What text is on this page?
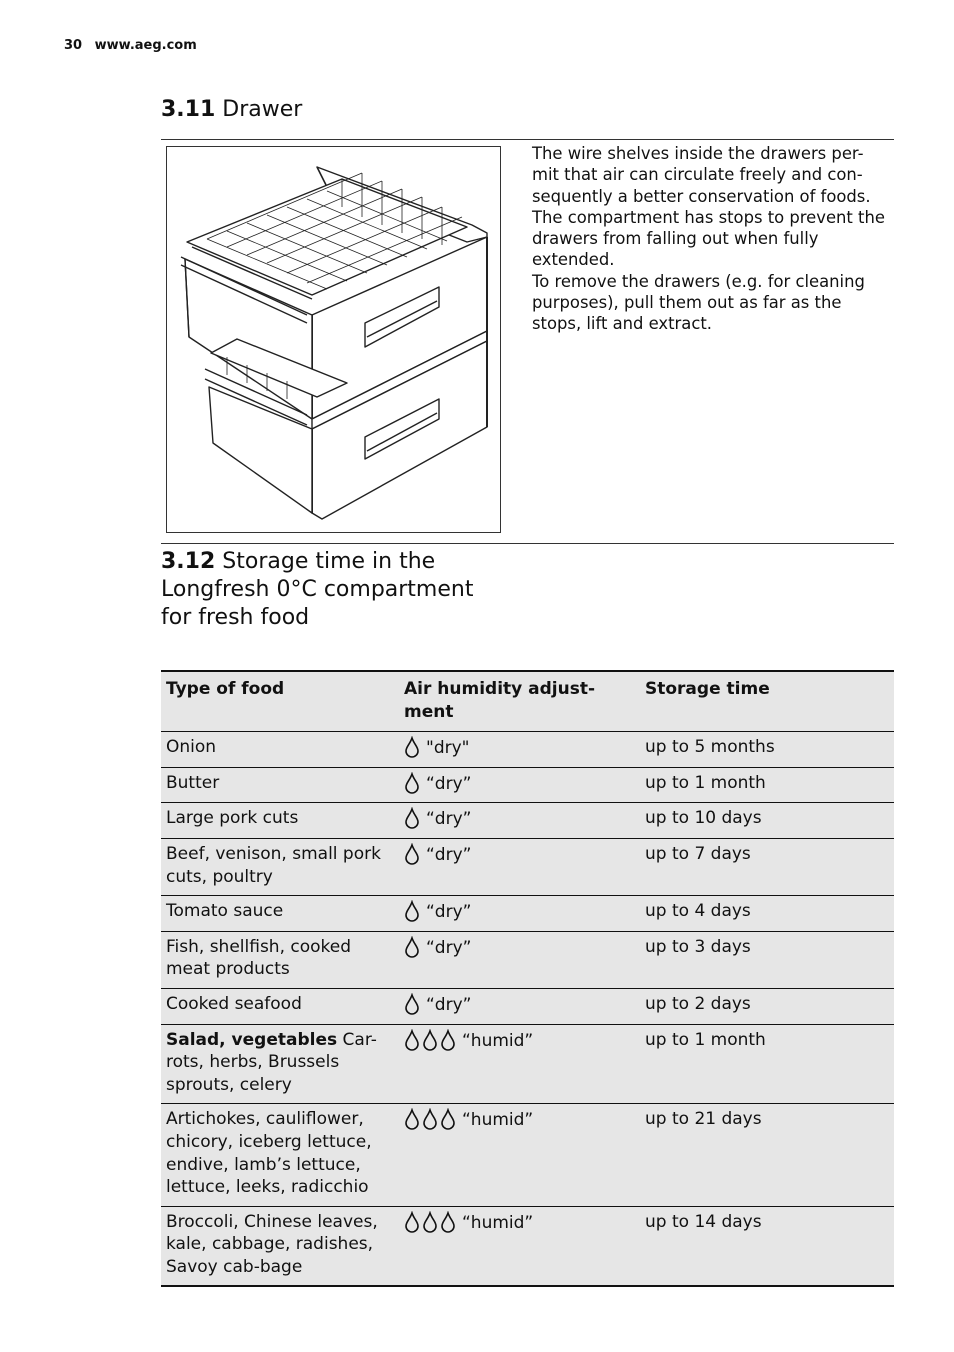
30 www.aeg.com
3.11 Drawer

The wire shelves inside the drawers per-mit that air can circulate freely and con-sequently a better conservation of foods. The compartment has stops to prevent the drawers from falling out when fully extended.

To remove the drawers (e.g. for cleaning purposes), pull them out as far as the stops, lift and extract.

3.12 Storage time in the Longfresh 0°C compartment for fresh food
Type of food	Air humidity adjust-ment	Storage time
Onion	"dry"	up to 5 months
Butter	“dry”	up to 1 month
Large pork cuts	“dry”	up to 10 days
Beef, venison, small pork cuts, poultry	“dry”	up to 7 days
Tomato sauce	“dry”	up to 4 days
Fish, shellfish, cooked meat products	“dry”	up to 3 days
Cooked seafood	“dry”	up to 2 days
Salad, vegetables Car-rots, herbs, Brussels sprouts, celery	“humid”	up to 1 month
Artichokes, cauliflower, chicory, iceberg lettuce, endive, lamb’s lettuce, lettuce, leeks, radicchio	“humid”	up to 21 days
Broccoli, Chinese leaves, kale, cabbage, radishes, Savoy cab-bage	“humid”	up to 14 days
